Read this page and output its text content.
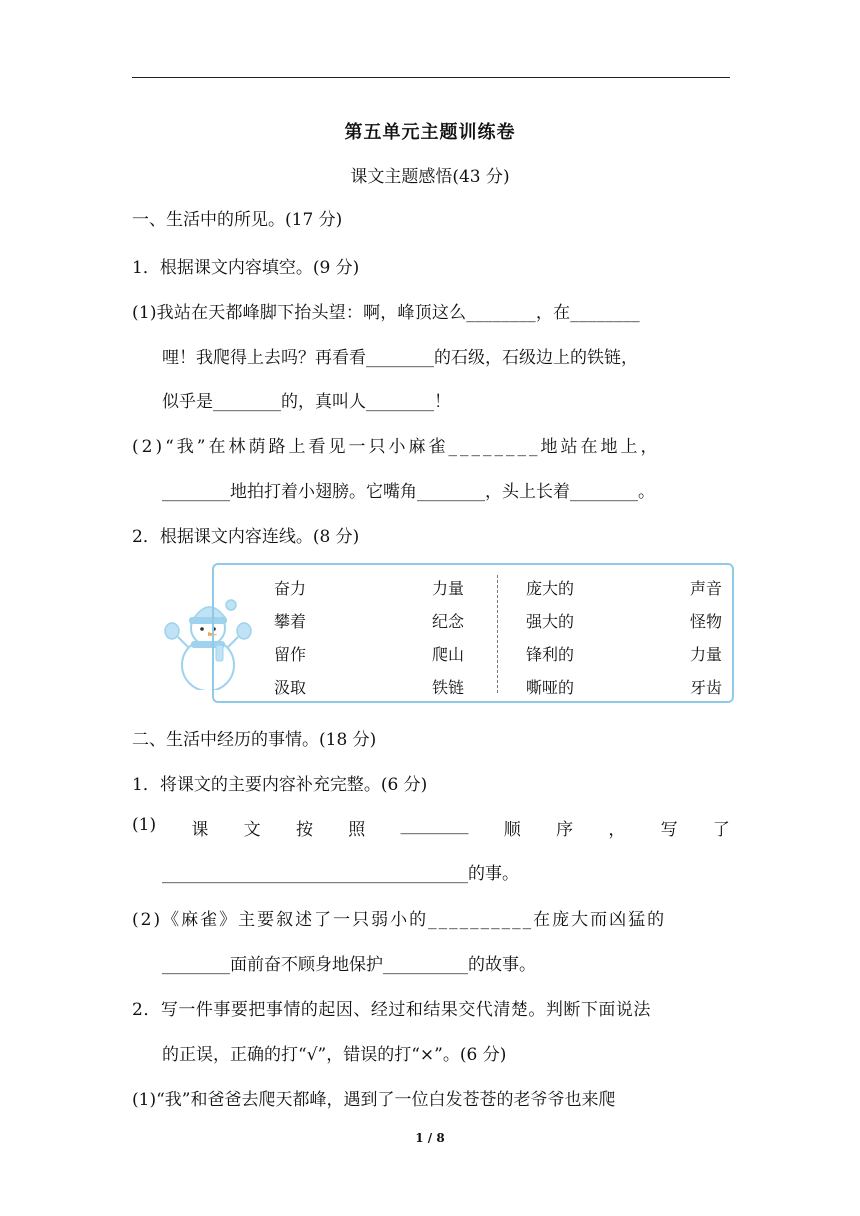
第五单元主题训练卷
课文主题感悟(43 分)
一、生活中的所见。(17 分)
1．根据课文内容填空。(9 分)
(1)我站在天都峰脚下抬头望：啊，峰顶这么________，在________
哩！我爬得上去吗？再看看________的石级，石级边上的铁链，
似乎是________的，真叫人________！
(2)“我”在林荫路上看见一只小麻雀________地站在地上，
________地拍打着小翅膀。它嘴角________，头上长着________。
2．根据课文内容连线。(8 分)
奋力
攀着
留作
汲取
力量
纪念
爬山
铁链
庞大的
强大的
锋利的
嘶哑的
声音
怪物
力量
牙齿
二、生活中经历的事情。(18 分)
1．将课文的主要内容补充完整。(6 分)
(1) 课 文 按 照 ________ 顺 序 ， 写 了
____________________________________的事。
(2)《麻雀》主要叙述了一只弱小的__________在庞大而凶猛的
________面前奋不顾身地保护__________的故事。
2．写一件事要把事情的起因、经过和结果交代清楚。判断下面说法
的正误，正确的打“√”，错误的打“×”。(6 分)
(1)“我”和爸爸去爬天都峰，遇到了一位白发苍苍的老爷爷也来爬
1 / 8
